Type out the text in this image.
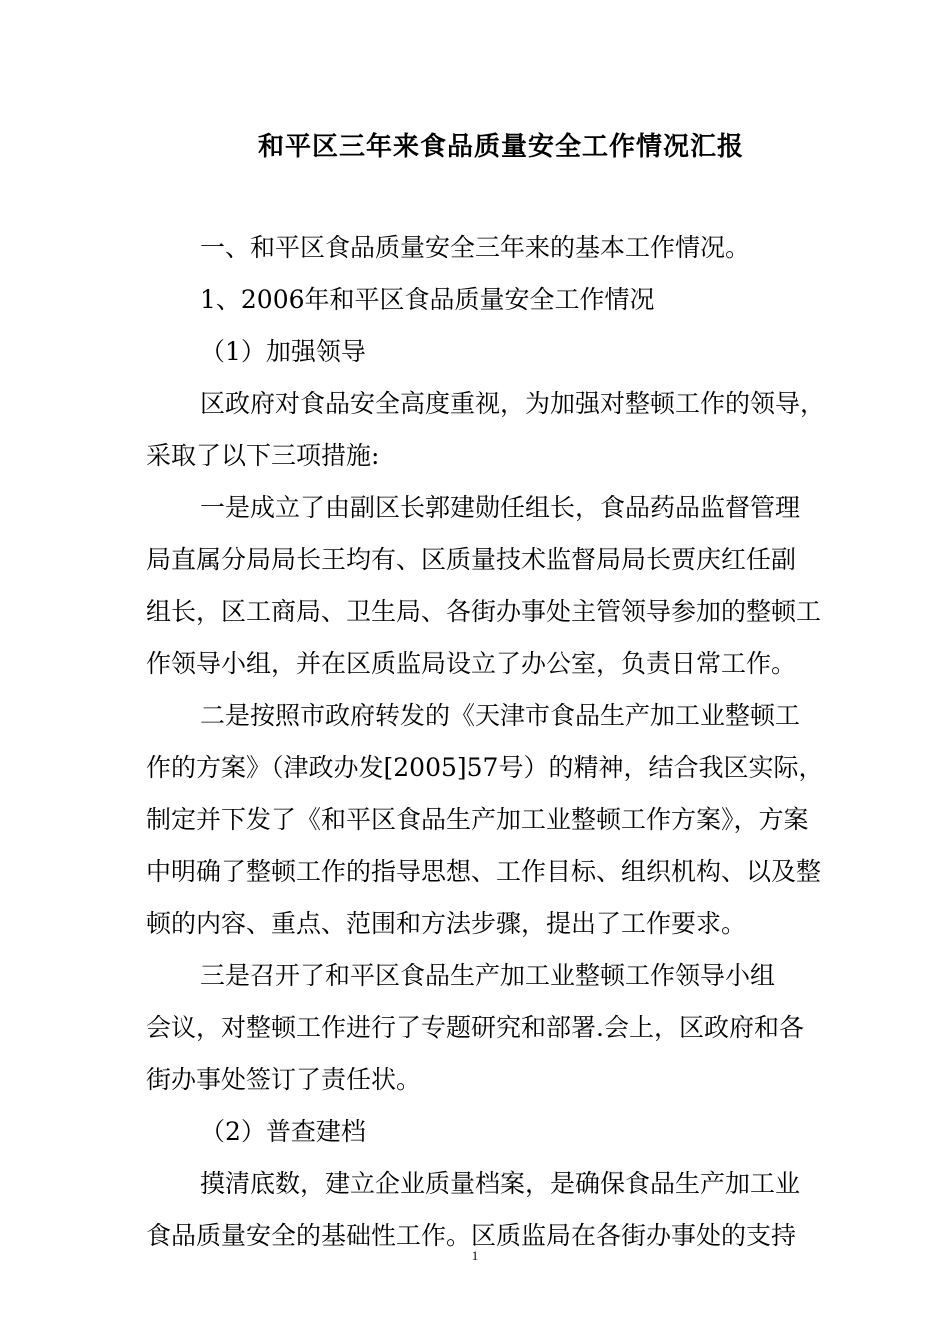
和平区三年来食品质量安全工作情况汇报
一、和平区食品质量安全三年来的基本工作情况。
1、2006年和平区食品质量安全工作情况
（1）加强领导
区政府对食品安全高度重视，为加强对整顿工作的领导，
采取了以下三项措施:
一是成立了由副区长郭建勋任组长，食品药品监督管理
局直属分局局长王均有、区质量技术监督局局长贾庆红任副
组长，区工商局、卫生局、各街办事处主管领导参加的整顿工
作领导小组，并在区质监局设立了办公室，负责日常工作。
二是按照市政府转发的《天津市食品生产加工业整顿工
作的方案》（津政办发[2005]57号）的精神，结合我区实际，
制定并下发了《和平区食品生产加工业整顿工作方案》，方案
中明确了整顿工作的指导思想、工作目标、组织机构、以及整
顿的内容、重点、范围和方法步骤，提出了工作要求。
三是召开了和平区食品生产加工业整顿工作领导小组
会议，对整顿工作进行了专题研究和部署.会上，区政府和各
街办事处签订了责任状。
（2）普查建档
摸清底数，建立企业质量档案，是确保食品生产加工业
食品质量安全的基础性工作。区质监局在各街办事处的支持
1
